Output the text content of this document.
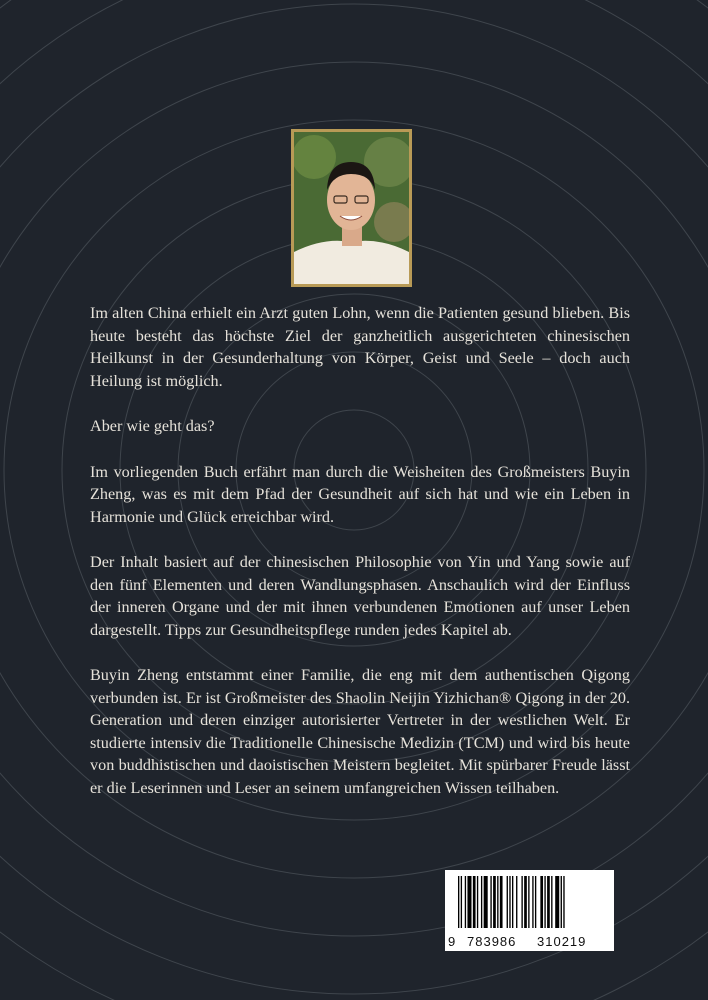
Im alten China erhielt ein Arzt guten Lohn, wenn die Patienten gesund blieben. Bis heute besteht das höchste Ziel der ganzheitlich ausgerichteten chinesischen Heilkunst in der Gesunderhaltung von Körper, Geist und Seele – doch auch Heilung ist möglich.

Aber wie geht das?

Im vorliegenden Buch erfährt man durch die Weisheiten des Großmeisters Buyin Zheng, was es mit dem Pfad der Gesundheit auf sich hat und wie ein Leben in Harmonie und Glück erreichbar wird.

Der Inhalt basiert auf der chinesischen Philosophie von Yin und Yang sowie auf den fünf Elementen und deren Wandlungsphasen. Anschaulich wird der Einfluss der inneren Organe und der mit ihnen verbundenen Emotionen auf unser Leben dargestellt. Tipps zur Gesundheitspflege runden jedes Kapitel ab.

Buyin Zheng entstammt einer Familie, die eng mit dem authentischen Qigong verbunden ist. Er ist Großmeister des Shaolin Neijin Yizhichan® Qigong in der 20. Generation und deren einziger autorisierter Vertreter in der westlichen Welt. Er studierte intensiv die Traditionelle Chinesische Medizin (TCM) und wird bis heute von buddhistischen und daoistischen Meistern begleitet. Mit spürbarer Freude lässt er die Leserinnen und Leser an seinem umfangreichen Wissen teilhaben.

9 783986 310219
